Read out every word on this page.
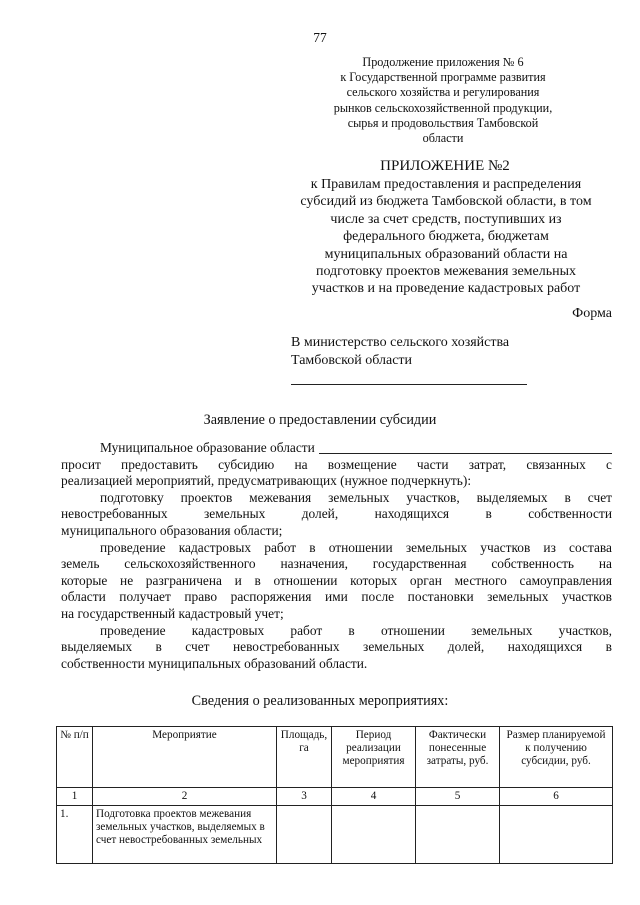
77
Продолжение приложения № 6
к Государственной программе развития
сельского хозяйства и регулирования
рынков сельскохозяйственной продукции,
сырья и продовольствия Тамбовской
области
ПРИЛОЖЕНИЕ №2
к Правилам предоставления и распределения
субсидий из бюджета Тамбовской области, в том
числе за счет средств, поступивших из
федерального бюджета, бюджетам
муниципальных образований области на
подготовку проектов межевания земельных
участков и на проведение кадастровых работ
Форма
В министерство сельского хозяйства
Тамбовской области
Заявление о предоставлении субсидии
Муниципальное образование области
просит предоставить субсидию на возмещение части затрат, связанных с
реализацией мероприятий, предусматривающих (нужное подчеркнуть):
подготовку проектов межевания земельных участков, выделяемых в счет
невостребованных земельных долей, находящихся в собственности
муниципального образования области;
проведение кадастровых работ в отношении земельных участков из состава
земель сельскохозяйственного назначения, государственная собственность на
которые не разграничена и в отношении которых орган местного самоуправления
области получает право распоряжения ими после постановки земельных участков
на государственный кадастровый учет;
проведение кадастровых работ в отношении земельных участков,
выделяемых в счет невостребованных земельных долей, находящихся в
собственности муниципальных образований области.
Сведения о реализованных мероприятиях:
№ п/п	Мероприятие	Площадь, га	Период реализации мероприятия	Фактически понесенные затраты, руб.	Размер планируемой к получению субсидии, руб.
1	2	3	4	5	6
1.	Подготовка проектов межевания земельных участков, выделяемых в счет невостребованных земельных				
